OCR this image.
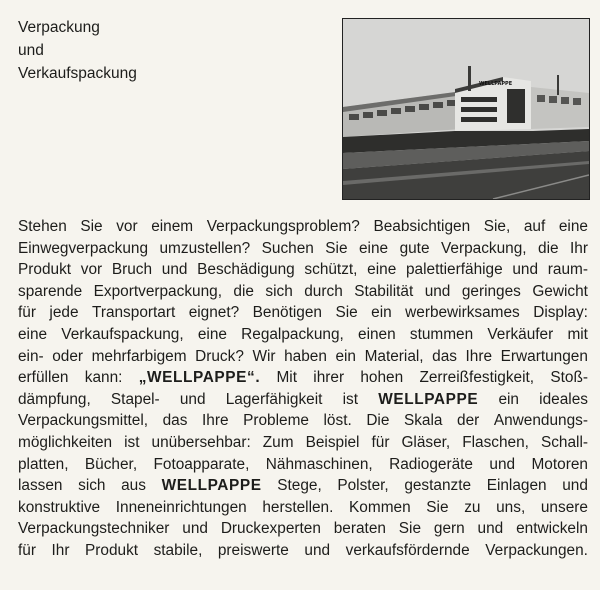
Verpackung
und
Verkaufspackung
WELLPAPPE
Stehen Sie vor einem Verpackungsproblem? Beabsichtigen Sie, auf eine
Einwegverpackung umzustellen? Suchen Sie eine gute Verpackung, die Ihr
Produkt vor Bruch und Beschädigung schützt, eine palettierfähige und raum-
sparende Exportverpackung, die sich durch Stabilität und geringes Gewicht
für jede Transportart eignet? Benötigen Sie ein werbewirksames Display:
eine Verkaufspackung, eine Regalpackung, einen stummen Verkäufer mit
ein- oder mehrfarbigem Druck? Wir haben ein Material, das Ihre Erwartungen
erfüllen kann: „WELLPAPPE“. Mit ihrer hohen Zerreißfestigkeit, Stoß-
dämpfung, Stapel- und Lagerfähigkeit ist WELLPAPPE ein ideales
Verpackungsmittel, das Ihre Probleme löst. Die Skala der Anwendungs-
möglichkeiten ist unübersehbar: Zum Beispiel für Gläser, Flaschen, Schall-
platten, Bücher, Fotoapparate, Nähmaschinen, Radiogeräte und Motoren
lassen sich aus WELLPAPPE Stege, Polster, gestanzte Einlagen und
konstruktive Inneneinrichtungen herstellen. Kommen Sie zu uns, unsere
Verpackungstechniker und Druckexperten beraten Sie gern und entwickeln
für Ihr Produkt stabile, preiswerte und verkaufsfördernde Verpackungen.
